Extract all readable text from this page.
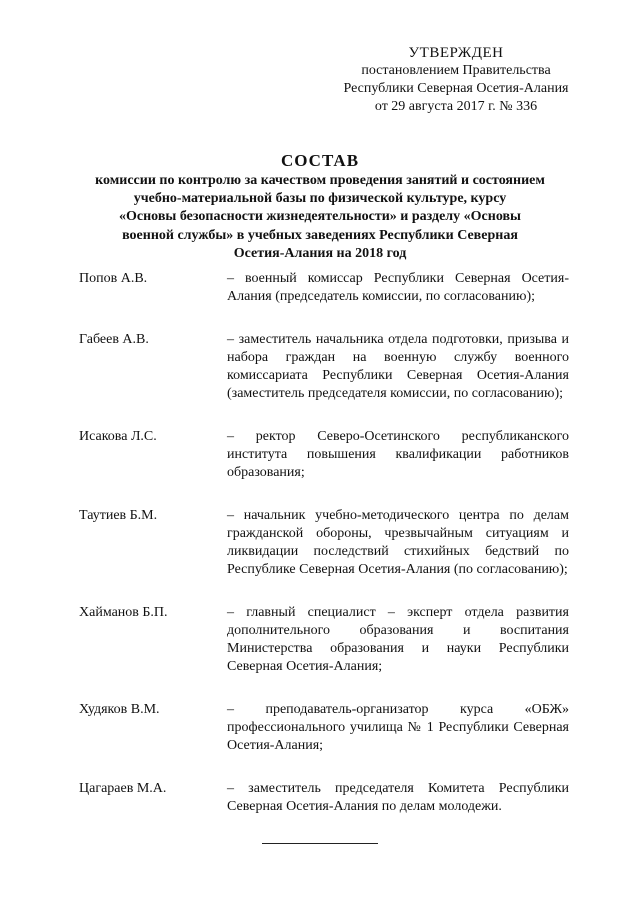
УТВЕРЖДЕН
постановлением Правительства
Республики Северная Осетия-Алания
от 29 августа 2017 г. № 336
СОСТАВ
комиссии по контролю за качеством проведения занятий и состоянием
учебно-материальной базы по физической культуре, курсу
«Основы безопасности жизнедеятельности» и разделу «Основы
военной службы» в учебных заведениях Республики Северная
Осетия-Алания на 2018 год
Попов А.В.	– военный комиссар Республики Северная Осетия-Алания (председатель комиссии, по согласованию);
Габеев А.В.	– заместитель начальника отдела подготовки, призыва и набора граждан на военную службу военного комиссариата Республики Северная Осетия-Алания (заместитель председателя комиссии, по согласованию);
Исакова Л.С.	– ректор Северо-Осетинского республиканского института повышения квалификации работников образования;
Таутиев Б.М.	– начальник учебно-методического центра по делам гражданской обороны, чрезвычайным ситуациям и ликвидации последствий стихийных бедствий по Республике Северная Осетия-Алания (по согласованию);
Хайманов Б.П.	– главный специалист – эксперт отдела развития дополнительного образования и воспитания Министерства образования и науки Республики Северная Осетия-Алания;
Худяков В.М.	– преподаватель-организатор курса «ОБЖ» профессионального училища № 1 Республики Северная Осетия-Алания;
Цагараев М.А.	– заместитель председателя Комитета Республики Северная Осетия-Алания по делам молодежи.
